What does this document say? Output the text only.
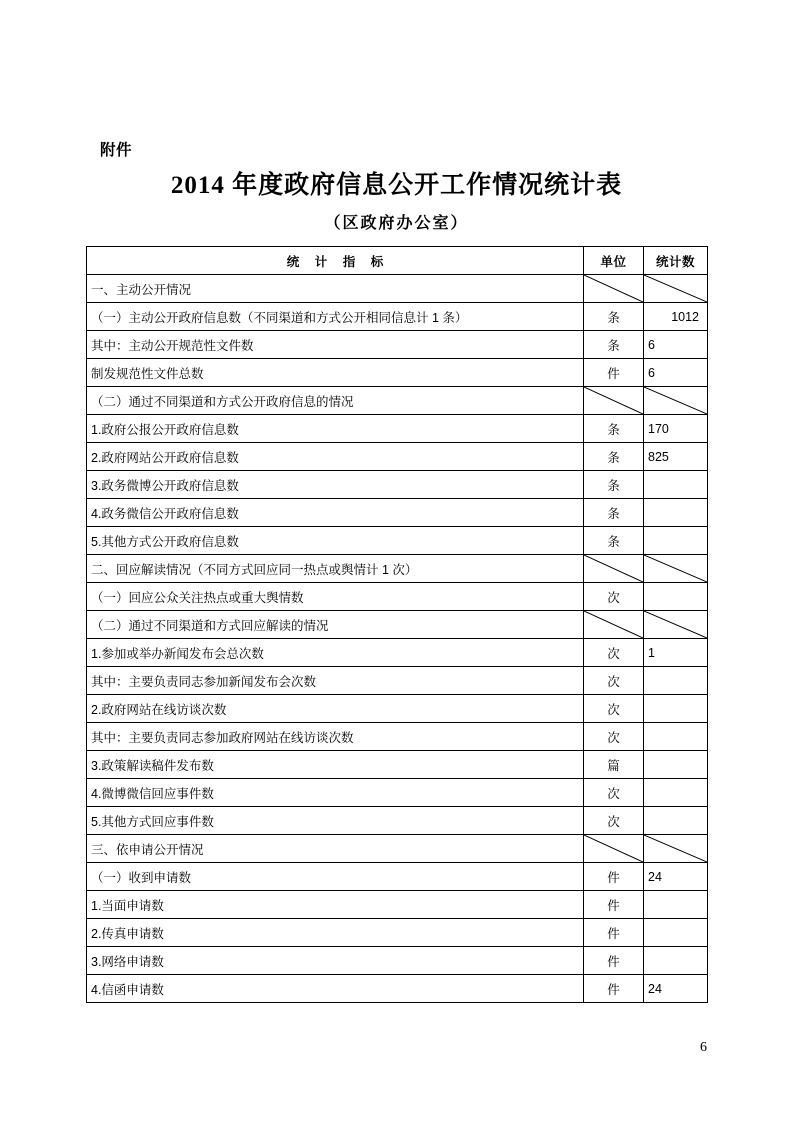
附件
2014 年度政府信息公开工作情况统计表
（区政府办公室）
统 计 指 标	单位	统计数
一、主动公开情况	

（一）主动公开政府信息数（不同渠道和方式公开相同信息计 1 条）	条	1012
其中：主动公开规范性文件数	条	6
制发规范性文件总数	件	6
（二）通过不同渠道和方式公开政府信息的情况	

1.政府公报公开政府信息数	条	170
2.政府网站公开政府信息数	条	825
3.政务微博公开政府信息数	条	
4.政务微信公开政府信息数	条	
5.其他方式公开政府信息数	条	
二、回应解读情况（不同方式回应同一热点或舆情计 1 次）	

（一）回应公众关注热点或重大舆情数	次	
（二）通过不同渠道和方式回应解读的情况	

1.参加或举办新闻发布会总次数	次	1
其中：主要负责同志参加新闻发布会次数	次	
2.政府网站在线访谈次数	次	
其中：主要负责同志参加政府网站在线访谈次数	次	
3.政策解读稿件发布数	篇	
4.微博微信回应事件数	次	
5.其他方式回应事件数	次	
三、依申请公开情况	

（一）收到申请数	件	24
1.当面申请数	件	
2.传真申请数	件	
3.网络申请数	件	
4.信函申请数	件	24
6
